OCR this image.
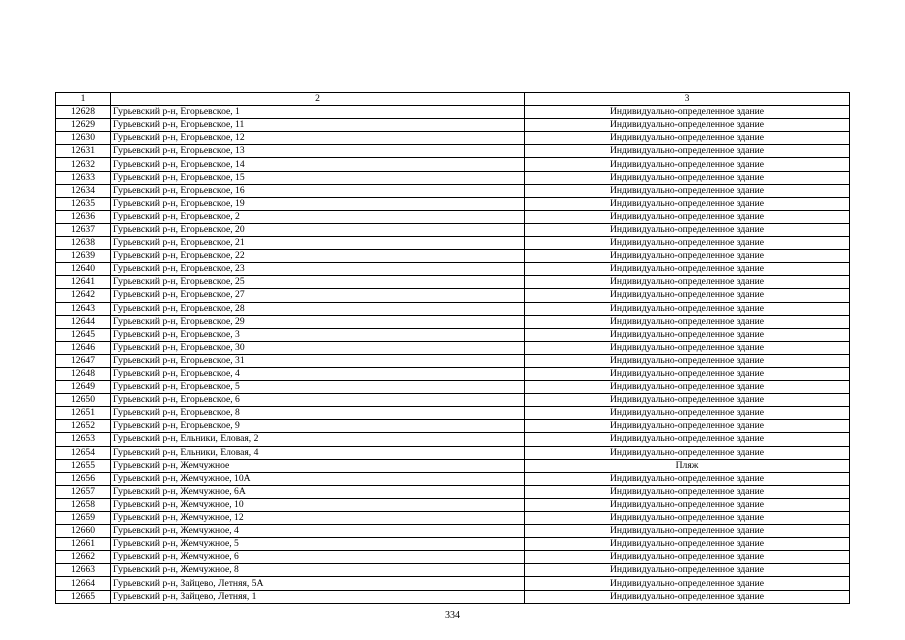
1	2	3
12628	Гурьевский р-н, Егорьевское, 1	Индивидуально-определенное здание
12629	Гурьевский р-н, Егорьевское, 11	Индивидуально-определенное здание
12630	Гурьевский р-н, Егорьевское, 12	Индивидуально-определенное здание
12631	Гурьевский р-н, Егорьевское, 13	Индивидуально-определенное здание
12632	Гурьевский р-н, Егорьевское, 14	Индивидуально-определенное здание
12633	Гурьевский р-н, Егорьевское, 15	Индивидуально-определенное здание
12634	Гурьевский р-н, Егорьевское, 16	Индивидуально-определенное здание
12635	Гурьевский р-н, Егорьевское, 19	Индивидуально-определенное здание
12636	Гурьевский р-н, Егорьевское, 2	Индивидуально-определенное здание
12637	Гурьевский р-н, Егорьевское, 20	Индивидуально-определенное здание
12638	Гурьевский р-н, Егорьевское, 21	Индивидуально-определенное здание
12639	Гурьевский р-н, Егорьевское, 22	Индивидуально-определенное здание
12640	Гурьевский р-н, Егорьевское, 23	Индивидуально-определенное здание
12641	Гурьевский р-н, Егорьевское, 25	Индивидуально-определенное здание
12642	Гурьевский р-н, Егорьевское, 27	Индивидуально-определенное здание
12643	Гурьевский р-н, Егорьевское, 28	Индивидуально-определенное здание
12644	Гурьевский р-н, Егорьевское, 29	Индивидуально-определенное здание
12645	Гурьевский р-н, Егорьевское, 3	Индивидуально-определенное здание
12646	Гурьевский р-н, Егорьевское, 30	Индивидуально-определенное здание
12647	Гурьевский р-н, Егорьевское, 31	Индивидуально-определенное здание
12648	Гурьевский р-н, Егорьевское, 4	Индивидуально-определенное здание
12649	Гурьевский р-н, Егорьевское, 5	Индивидуально-определенное здание
12650	Гурьевский р-н, Егорьевское, 6	Индивидуально-определенное здание
12651	Гурьевский р-н, Егорьевское, 8	Индивидуально-определенное здание
12652	Гурьевский р-н, Егорьевское, 9	Индивидуально-определенное здание
12653	Гурьевский р-н, Ельники, Еловая, 2	Индивидуально-определенное здание
12654	Гурьевский р-н, Ельники, Еловая, 4	Индивидуально-определенное здание
12655	Гурьевский р-н, Жемчужное	Пляж
12656	Гурьевский р-н, Жемчужное, 10А	Индивидуально-определенное здание
12657	Гурьевский р-н, Жемчужное, 6А	Индивидуально-определенное здание
12658	Гурьевский р-н, Жемчужное, 10	Индивидуально-определенное здание
12659	Гурьевский р-н, Жемчужное, 12	Индивидуально-определенное здание
12660	Гурьевский р-н, Жемчужное, 4	Индивидуально-определенное здание
12661	Гурьевский р-н, Жемчужное, 5	Индивидуально-определенное здание
12662	Гурьевский р-н, Жемчужное, 6	Индивидуально-определенное здание
12663	Гурьевский р-н, Жемчужное, 8	Индивидуально-определенное здание
12664	Гурьевский р-н, Зайцево, Летняя, 5А	Индивидуально-определенное здание
12665	Гурьевский р-н, Зайцево, Летняя, 1	Индивидуально-определенное здание
334
